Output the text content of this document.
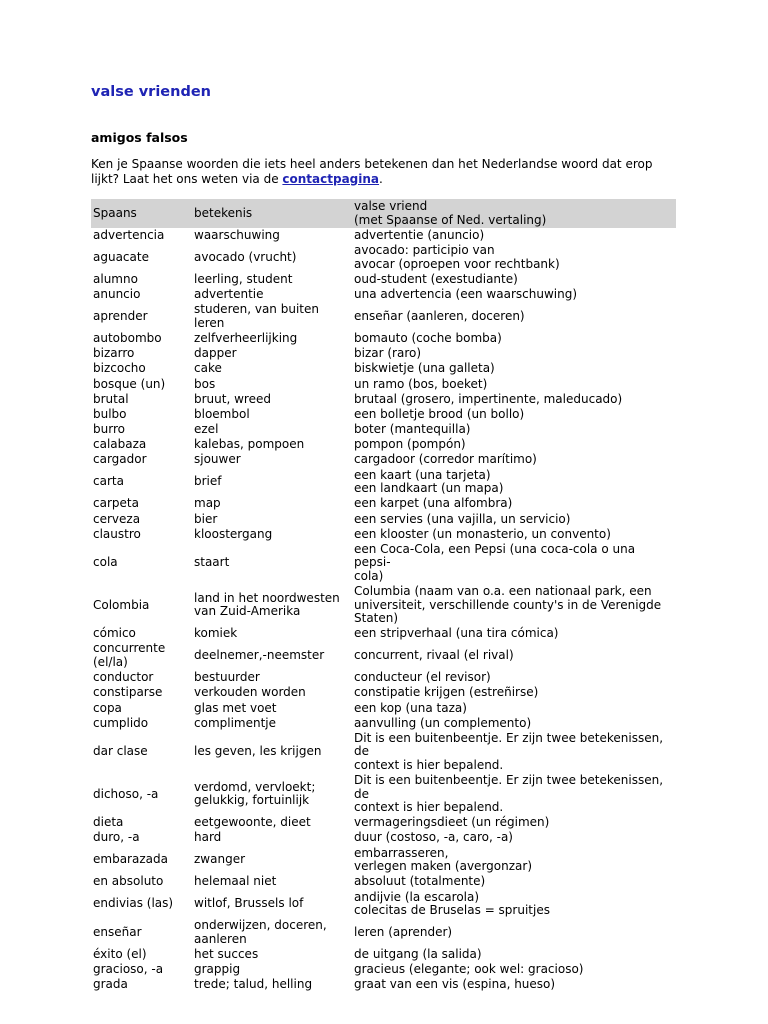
valse vrienden
amigos falsos

Ken je Spaanse woorden die iets heel anders betekenen dan het Nederlandse woord dat erop lijkt? Laat het ons weten via de contactpagina.

Spaans	betekenis	valse vriend
(met Spaanse of Ned. vertaling)
advertencia	waarschuwing	advertentie (anuncio)
aguacate	avocado (vrucht)	avocado: participio van
avocar (oproepen voor rechtbank)
alumno	leerling, student	oud-student (exestudiante)
anuncio	advertentie	una advertencia (een waarschuwing)
aprender	studeren, van buiten leren	enseñar (aanleren, doceren)
autobombo	zelfverheerlijking	bomauto (coche bomba)
bizarro	dapper	bizar (raro)
bizcocho	cake	biskwietje (una galleta)
bosque (un)	bos	un ramo (bos, boeket)
brutal	bruut, wreed	brutaal (grosero, impertinente, maleducado)
bulbo	bloembol	een bolletje brood (un bollo)
burro	ezel	boter (mantequilla)
calabaza	kalebas, pompoen	pompon (pompón)
cargador	sjouwer	cargadoor (corredor marítimo)
carta	brief	een kaart (una tarjeta)
een landkaart (un mapa)
carpeta	map	een karpet (una alfombra)
cerveza	bier	een servies (una vajilla, un servicio)
claustro	kloostergang	een klooster (un monasterio, un convento)
cola	staart	een Coca-Cola, een Pepsi (una coca-cola o una pepsi-
cola)
Colombia	land in het noordwesten
van Zuid-Amerika	Columbia (naam van o.a. een nationaal park, een
universiteit, verschillende county's in de Verenigde
Staten)
cómico	komiek	een stripverhaal (una tira cómica)
concurrente
(el/la)	deelnemer,-neemster	concurrent, rivaal (el rival)
conductor	bestuurder	conducteur (el revisor)
constiparse	verkouden worden	constipatie krijgen (estreñirse)
copa	glas met voet	een kop (una taza)
cumplido	complimentje	aanvulling (un complemento)
dar clase	les geven, les krijgen	Dit is een buitenbeentje. Er zijn twee betekenissen, de
context is hier bepalend.
dichoso, -a	verdomd, vervloekt;
gelukkig, fortuinlijk	Dit is een buitenbeentje. Er zijn twee betekenissen, de
context is hier bepalend.
dieta	eetgewoonte, dieet	vermageringsdieet (un régimen)
duro, -a	hard	duur (costoso, -a, caro, -a)
embarazada	zwanger	embarrasseren,
verlegen maken (avergonzar)
en absoluto	helemaal niet	absoluut (totalmente)
endivias (las)	witlof, Brussels lof	andijvie (la escarola)
colecitas de Bruselas = spruitjes
enseñar	onderwijzen, doceren,
aanleren	leren (aprender)
éxito (el)	het succes	de uitgang (la salida)
gracioso, -a	grappig	gracieus (elegante; ook wel: gracioso)
grada	trede; talud, helling	graat van een vis (espina, hueso)
